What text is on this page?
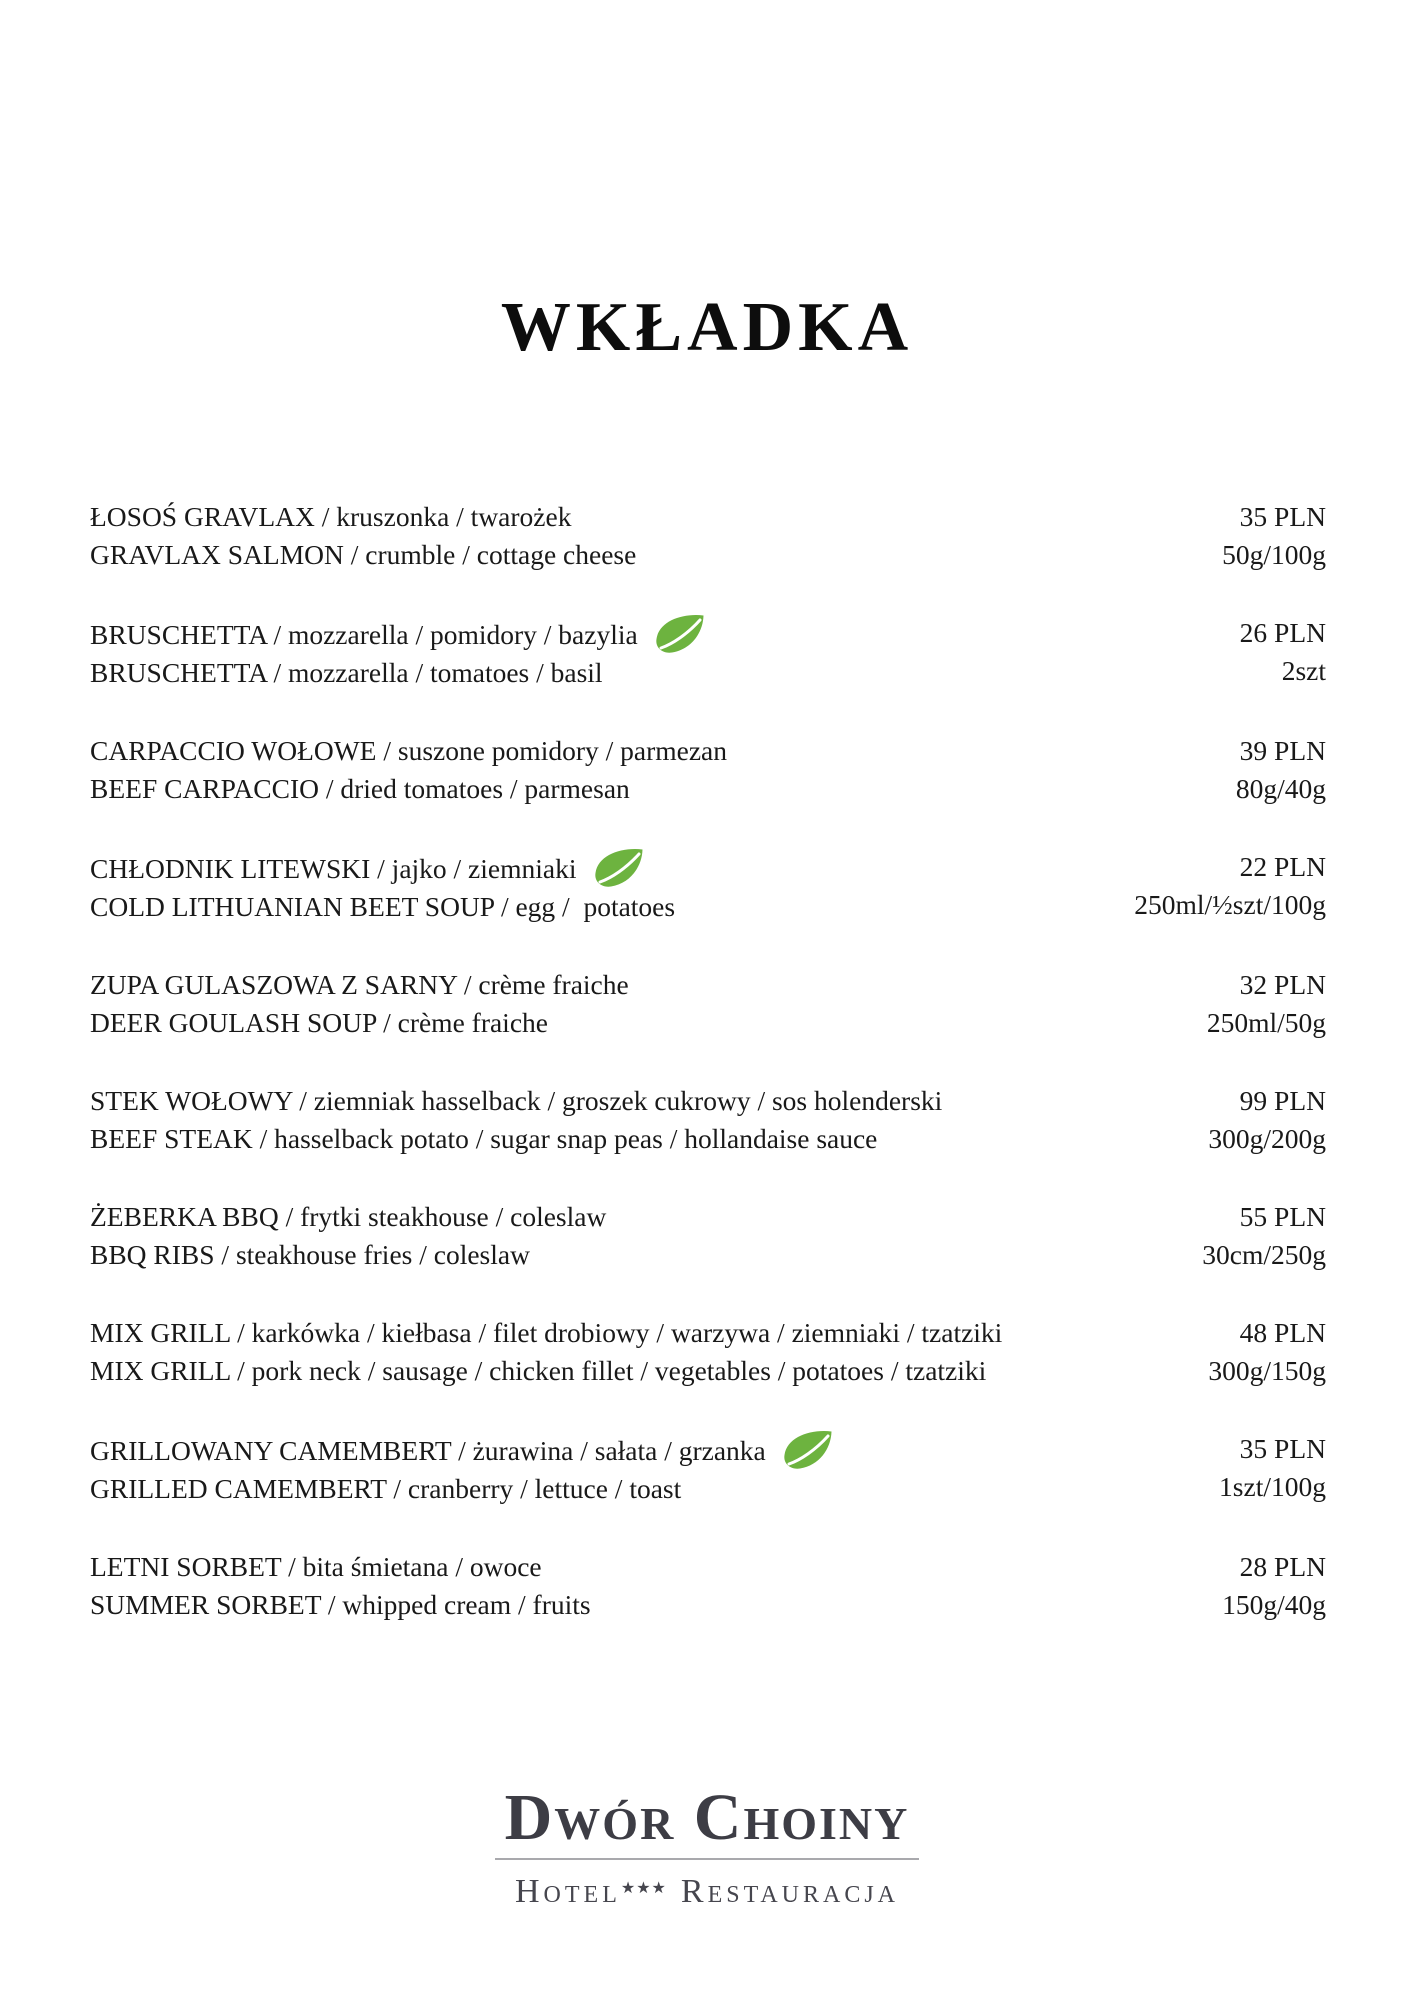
WKŁADKA
ŁOSOŚ GRAVLAX / kruszonka / twarożek
GRAVLAX SALMON / crumble / cottage cheese
35 PLN
50g/100g
BRUSCHETTA / mozzarella / pomidory / bazylia
BRUSCHETTA / mozzarella / tomatoes / basil
26 PLN
2szt
CARPACCIO WOŁOWE / suszone pomidory / parmezan
BEEF CARPACCIO / dried tomatoes / parmesan
39 PLN
80g/40g
CHŁODNIK LITEWSKI / jajko / ziemniaki
COLD LITHUANIAN BEET SOUP / egg /  potatoes
22 PLN
250ml/½szt/100g
ZUPA GULASZOWA Z SARNY / crème fraiche
DEER GOULASH SOUP / crème fraiche
32 PLN
250ml/50g
STEK WOŁOWY / ziemniak hasselback / groszek cukrowy / sos holenderski
BEEF STEAK / hasselback potato / sugar snap peas / hollandaise sauce
99 PLN
300g/200g
ŻEBERKA BBQ / frytki steakhouse / coleslaw
BBQ RIBS / steakhouse fries / coleslaw
55 PLN
30cm/250g
MIX GRILL / karkówka / kiełbasa / filet drobiowy / warzywa / ziemniaki / tzatziki
MIX GRILL / pork neck / sausage / chicken fillet / vegetables / potatoes / tzatziki
48 PLN
300g/150g
GRILLOWANY CAMEMBERT / żurawina / sałata / grzanka
GRILLED CAMEMBERT / cranberry / lettuce / toast
35 PLN
1szt/100g
LETNI SORBET / bita śmietana / owoce
SUMMER SORBET / whipped cream / fruits
28 PLN
150g/40g
Dwór Choiny
Hotel★★★ Restauracja
